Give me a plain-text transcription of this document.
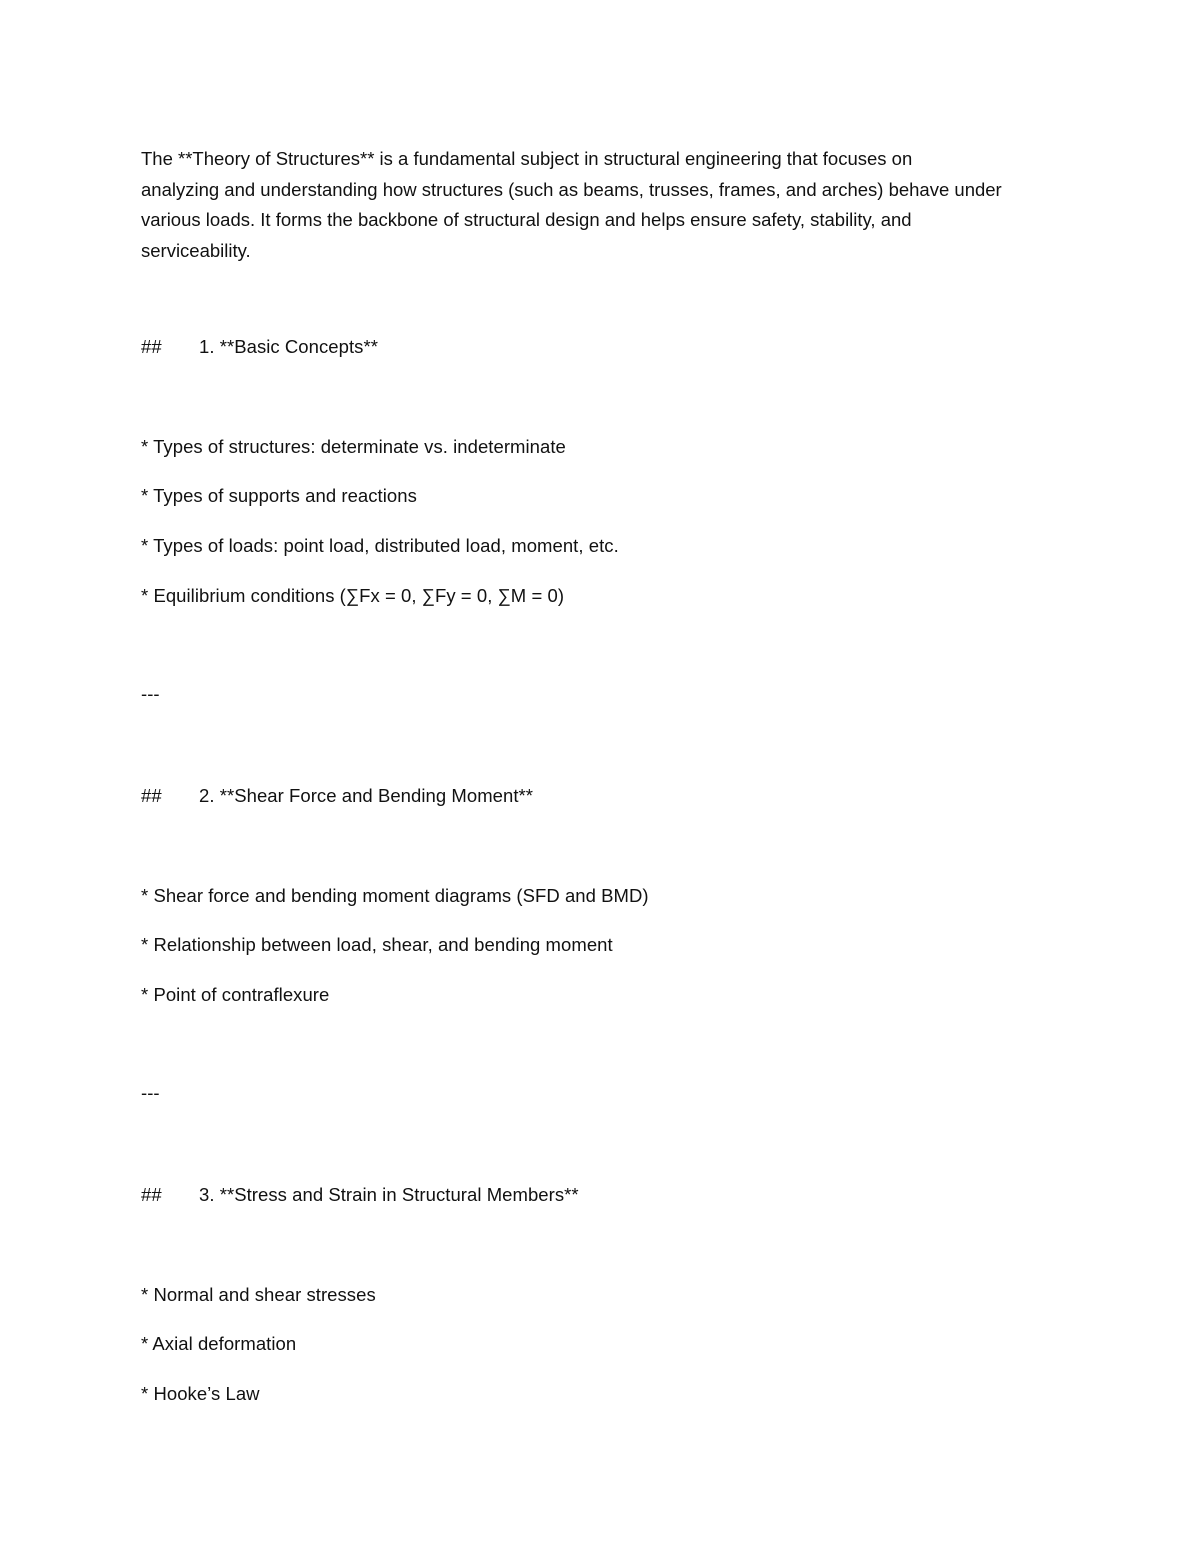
The **Theory of Structures** is a fundamental subject in structural engineering that focuses on

analyzing and understanding how structures (such as beams, trusses, frames, and arches) behave under

various loads. It forms the backbone of structural design and helps ensure safety, stability, and

serviceability.

## 1. **Basic Concepts**
* Types of structures: determinate vs. indeterminate
* Types of supports and reactions
* Types of loads: point load, distributed load, moment, etc.
* Equilibrium conditions (∑Fx = 0, ∑Fy = 0, ∑M = 0)
---
## 2. **Shear Force and Bending Moment**
* Shear force and bending moment diagrams (SFD and BMD)
* Relationship between load, shear, and bending moment
* Point of contraflexure
---
## 3. **Stress and Strain in Structural Members**
* Normal and shear stresses
* Axial deformation
* Hooke’s Law
